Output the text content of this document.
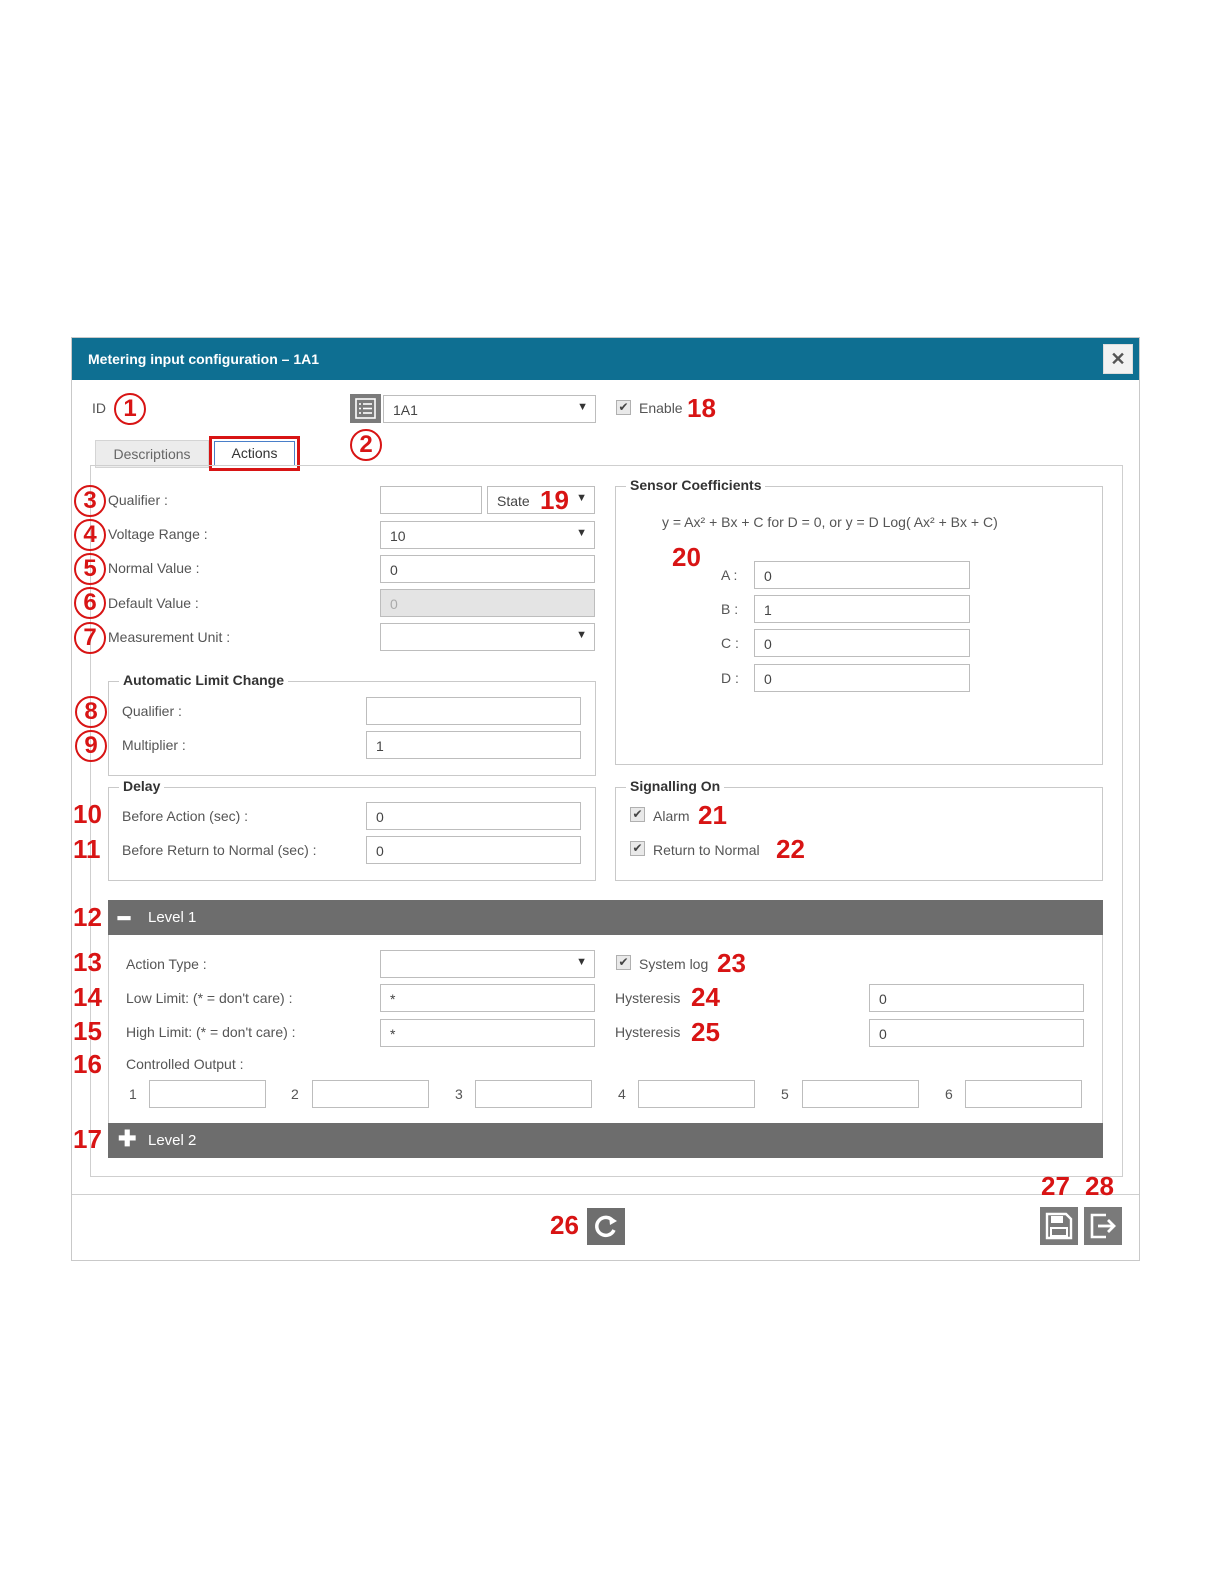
Metering input configuration – 1A1	✕
ID	1A1	▼	✔ Enable
Descriptions	Actions
Qualifier :	State	▼
Voltage Range :	10	▼
Normal Value :	0
Default Value :	0
Measurement Unit :	▼
Automatic Limit Change
Qualifier :
Multiplier :	1
Delay
Before Action (sec) :	0
Before Return to Normal (sec) :	0
Sensor Coefficients
y = Ax² + Bx + C for D = 0, or y = D Log( Ax² + Bx + C)
A :	0
B :	1
C :	0
D :	0
Signalling On
✔ Alarm
✔ Return to Normal
━ Level 1
Action Type :	▼	✔ System log
Low Limit: (* = don't care) :	*	Hysteresis	0
High Limit: (* = don't care) :	*	Hysteresis	0
Controlled Output :
1	2	3	4	5	6
✚ Level 2
1
2
3
4
5
6
7
8
9
10
11
12
13
14
15
16
17
18
19
20
21
22
23
24
25
26
27 28
